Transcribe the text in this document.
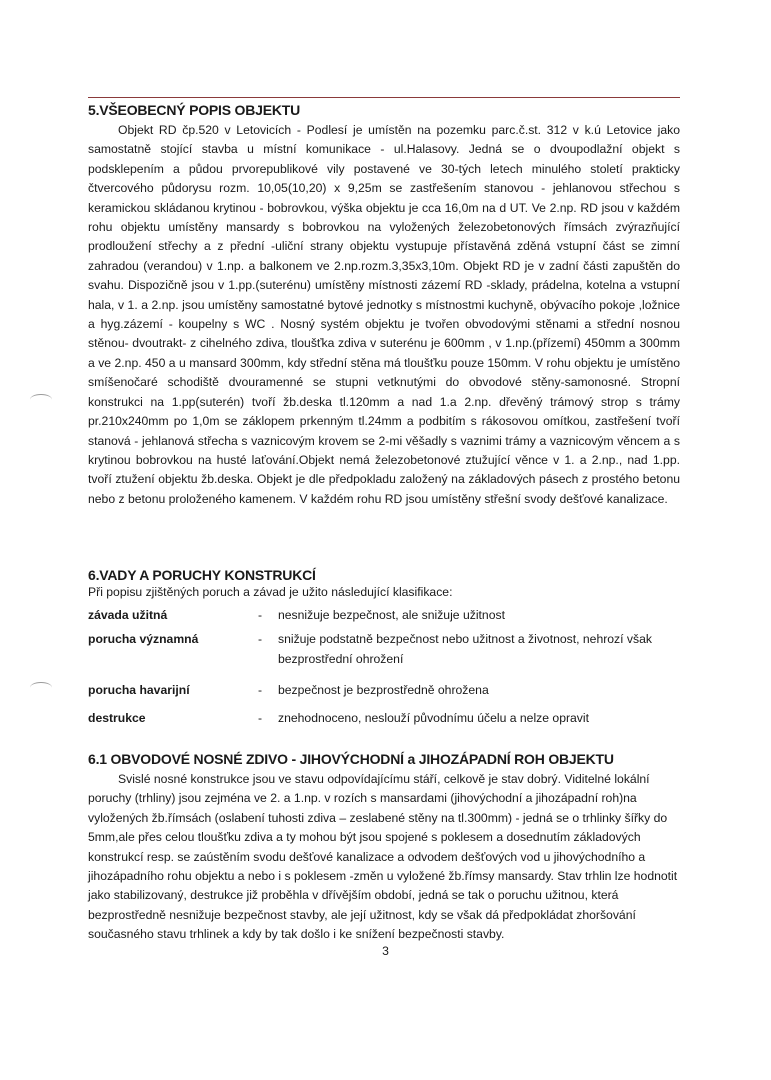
5.VŠEOBECNÝ POPIS OBJEKTU

Objekt RD čp.520 v Letovicích - Podlesí je umístěn na pozemku parc.č.st. 312 v k.ú Letovice jako samostatně stojící stavba u místní komunikace - ul.Halasovy. Jedná se o dvoupodlažní objekt s podsklepením a půdou prvorepublikové vily postavené ve 30-tých letech minulého století prakticky čtvercového půdorysu rozm. 10,05(10,20) x 9,25m se zastřešením stanovou - jehlanovou střechou s keramickou skládanou krytinou - bobrovkou, výška objektu je cca 16,0m na d UT. Ve 2.np. RD jsou v každém rohu objektu umístěny mansardy s bobrovkou na vyložených železobetonových římsách zvýrazňující prodloužení střechy a z přední -uliční strany objektu vystupuje přístavěná zděná vstupní část se zimní zahradou (verandou) v 1.np. a balkonem ve 2.np.rozm.3,35x3,10m. Objekt RD je v zadní části zapuštěn do svahu. Dispozičně jsou v 1.pp.(suterénu) umístěny místnosti zázemí RD -sklady, prádelna, kotelna a vstupní hala, v 1. a 2.np. jsou umístěny samostatné bytové jednotky s místnostmi kuchyně, obývacího pokoje ,ložnice a hyg.zázemí - koupelny s WC . Nosný systém objektu je tvořen obvodovými stěnami a střední nosnou stěnou- dvoutrakt- z cihelného zdiva, tloušťka zdiva v suterénu je 600mm , v 1.np.(přízemí) 450mm a 300mm a ve 2.np. 450 a u mansard 300mm, kdy střední stěna má tloušťku pouze 150mm. V rohu objektu je umístěno smíšenočaré schodiště dvouramenné se stupni vetknutými do obvodové stěny-samonosné. Stropní konstrukci na 1.pp(suterén) tvoří žb.deska tl.120mm a nad 1.a 2.np. dřevěný trámový strop s trámy pr.210x240mm po 1,0m se záklopem prkenným tl.24mm a podbitím s rákosovou omítkou, zastřešení tvoří stanová - jehlanová střecha s vaznicovým krovem se 2-mi věšadly s vaznimi trámy a vaznicovým věncem a s krytinou bobrovkou na husté laťování.Objekt nemá železobetonové ztužující věnce v 1. a 2.np., nad 1.pp. tvoří ztužení objektu žb.deska. Objekt je dle předpokladu založený na základových pásech z prostého betonu nebo z betonu proloženého kamenem. V každém rohu RD jsou umístěny střešní svody dešťové kanalizace.

6.VADY A PORUCHY KONSTRUKCÍ

Při popisu zjištěných poruch a závad je užito následující klasifikace:

závada užitná	- nesnižuje bezpečnost, ale snižuje užitnost
porucha významná	- snižuje podstatně bezpečnost nebo užitnost a životnost, nehrozí však bezprostřední ohrožení
porucha havarijní	- bezpečnost je bezprostředně ohrožena
destrukce	- znehodnoceno, neslouží původnímu účelu a nelze opravit
6.1 OBVODOVÉ NOSNÉ ZDIVO - JIHOVÝCHODNÍ a JIHOZÁPADNÍ ROH OBJEKTU

Svislé nosné konstrukce jsou ve stavu odpovídajícímu stáří, celkově je stav dobrý. Viditelné lokální poruchy (trhliny) jsou zejména ve 2. a 1.np. v rozích s mansardami (jihovýchodní a jihozápadní roh)na vyložených žb.římsách (oslabení tuhosti zdiva – zeslabené stěny na tl.300mm) - jedná se o trhlinky šířky do 5mm,ale přes celou tloušťku zdiva a ty mohou být jsou spojené s poklesem a dosednutím základových konstrukcí resp. se zaústěním svodu dešťové kanalizace a odvodem dešťových vod u jihovýchodního a jihozápadního rohu objektu a nebo i s poklesem -změn u vyložené žb.římsy mansardy. Stav trhlin lze hodnotit jako stabilizovaný, destrukce již proběhla v dřívějším období, jedná se tak o poruchu užitnou, která bezprostředně nesnižuje bezpečnost stavby, ale její užitnost, kdy se však dá předpokládat zhoršování současného stavu trhlinek a kdy by tak došlo i ke snížení bezpečnosti stavby.

3
